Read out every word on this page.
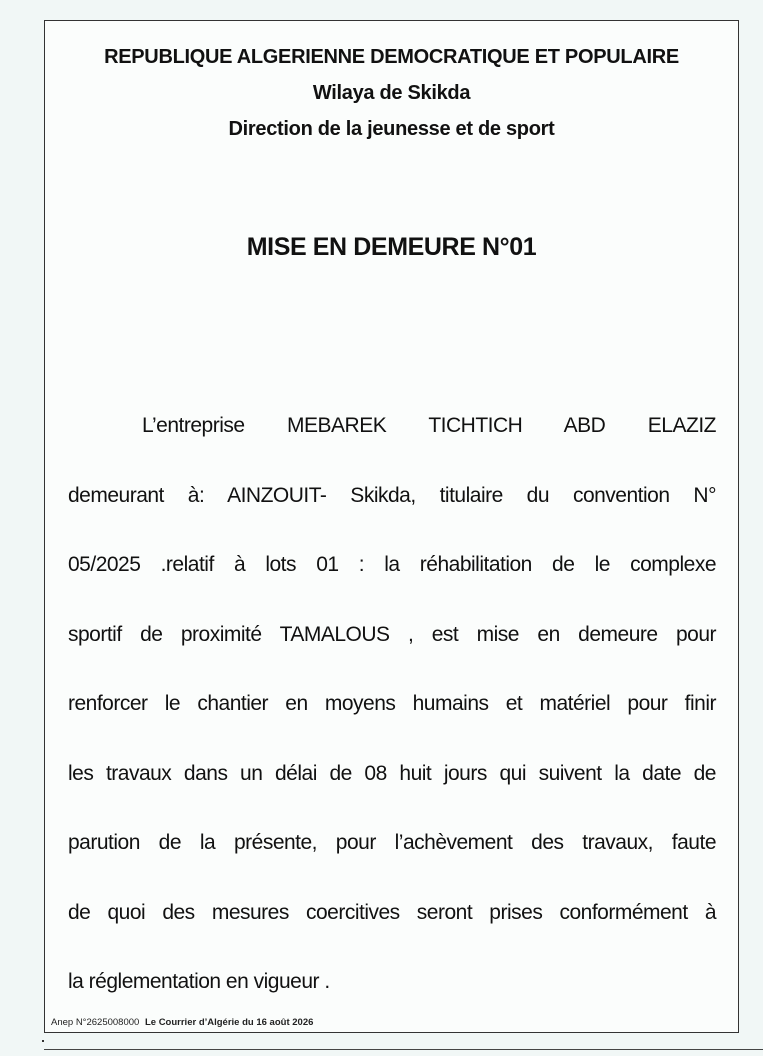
REPUBLIQUE ALGERIENNE DEMOCRATIQUE ET POPULAIRE
Wilaya de Skikda
Direction de la jeunesse et de sport
MISE EN DEMEURE N°01
L’entreprise MEBAREK TICHTICH ABD ELAZIZ
demeurant à: AINZOUIT- Skikda, titulaire du convention N°
05/2025 .relatif à lots 01 : la réhabilitation de le complexe
sportif de proximité TAMALOUS , est mise en demeure pour
renforcer le chantier en moyens humains et matériel pour finir
les travaux dans un délai de 08 huit jours qui suivent la date de
parution de la présente, pour l’achèvement des travaux, faute
de quoi des mesures coercitives seront prises conformément à
la réglementation en vigueur .
Anep N°2625008000 Le Courrier d’Algérie du 16 août 2026
